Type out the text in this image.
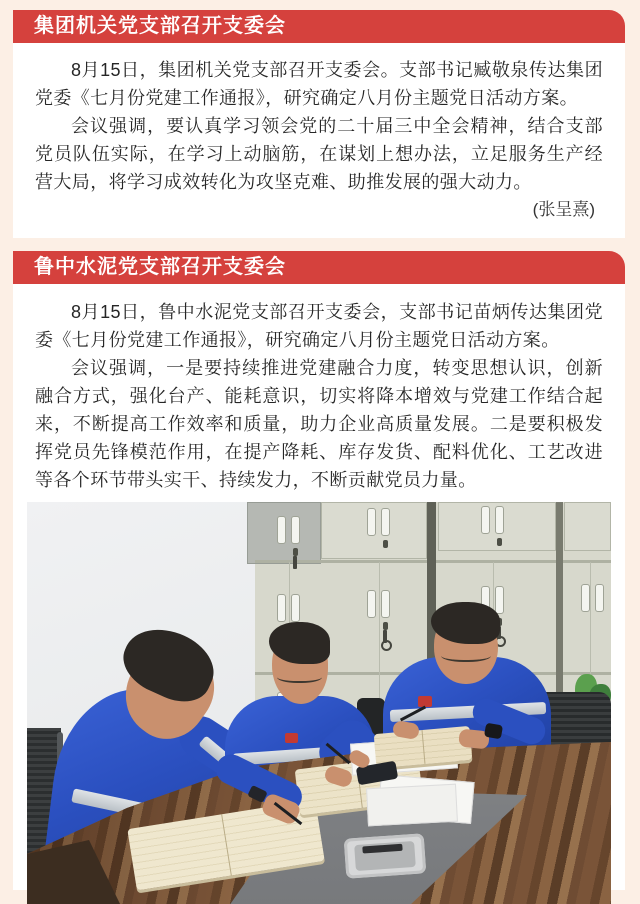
集团机关党支部召开支委会

8月15日，集团机关党支部召开支委会。支部书记臧敬泉传达集团党委《七月份党建工作通报》，研究确定八月份主题党日活动方案。

会议强调，要认真学习领会党的二十届三中全会精神，结合支部党员队伍实际，在学习上动脑筋，在谋划上想办法，立足服务生产经营大局，将学习成效转化为攻坚克难、助推发展的强大动力。

(张呈熹)

鲁中水泥党支部召开支委会

8月15日，鲁中水泥党支部召开支委会，支部书记苗炳传达集团党委《七月份党建工作通报》，研究确定八月份主题党日活动方案。

会议强调，一是要持续推进党建融合力度，转变思想认识，创新融合方式，强化台产、能耗意识，切实将降本增效与党建工作结合起来，不断提高工作效率和质量，助力企业高质量发展。二是要积极发挥党员先锋模范作用，在提产降耗、库存发货、配料优化、工艺改进等各个环节带头实干、持续发力，不断贡献党员力量。
